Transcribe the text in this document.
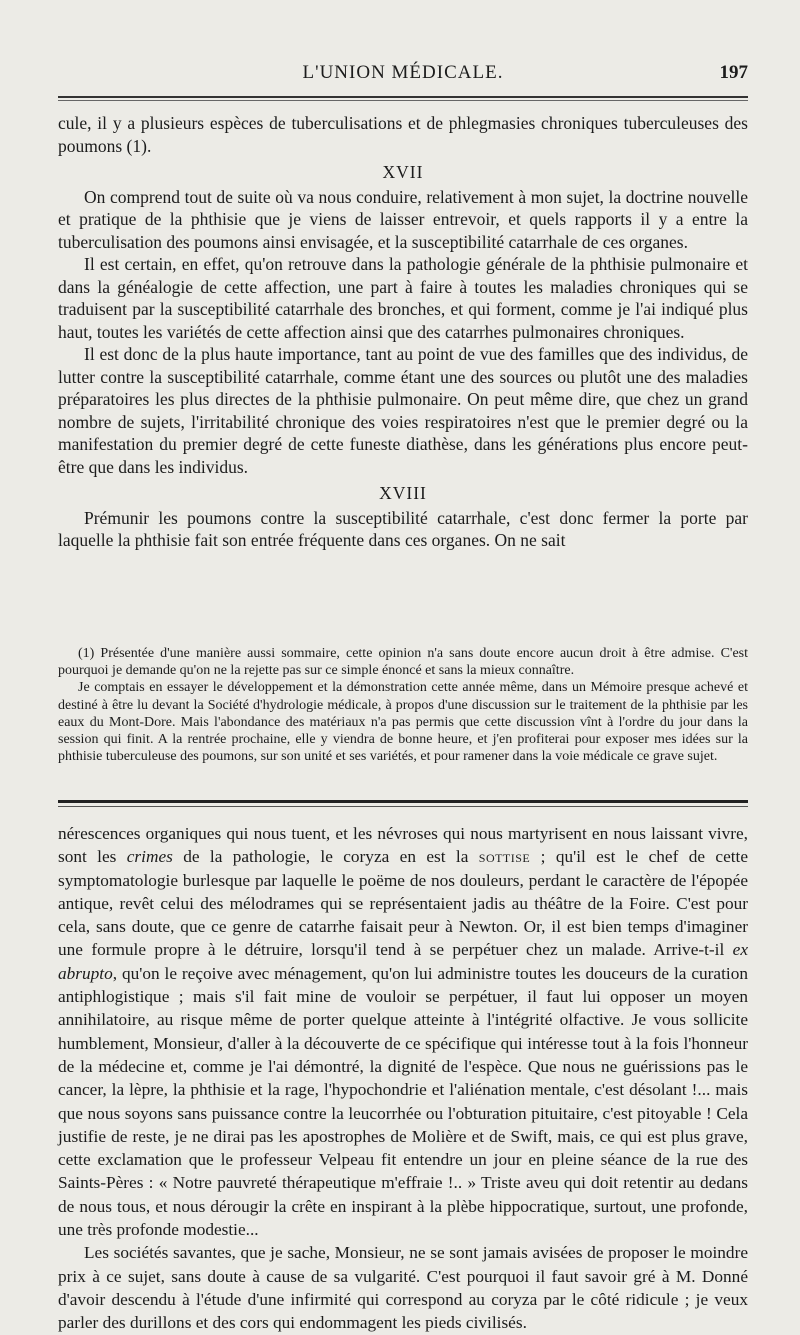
L'UNION MÉDICALE.	197

cule, il y a plusieurs espèces de tuberculisations et de phlegmasies chroniques tuberculeuses des poumons (1).

XVII

On comprend tout de suite où va nous conduire, relativement à mon sujet, la doctrine nouvelle et pratique de la phthisie que je viens de laisser entrevoir, et quels rapports il y a entre la tuberculisation des poumons ainsi envisagée, et la susceptibilité catarrhale de ces organes.

Il est certain, en effet, qu'on retrouve dans la pathologie générale de la phthisie pulmonaire et dans la généalogie de cette affection, une part à faire à toutes les maladies chroniques qui se traduisent par la susceptibilité catarrhale des bronches, et qui forment, comme je l'ai indiqué plus haut, toutes les variétés de cette affection ainsi que des catarrhes pulmonaires chroniques.

Il est donc de la plus haute importance, tant au point de vue des familles que des individus, de lutter contre la susceptibilité catarrhale, comme étant une des sources ou plutôt une des maladies préparatoires les plus directes de la phthisie pulmonaire. On peut même dire, que chez un grand nombre de sujets, l'irritabilité chronique des voies respiratoires n'est que le premier degré ou la manifestation du premier degré de cette funeste diathèse, dans les générations plus encore peut-être que dans les individus.

XVIII

Prémunir les poumons contre la susceptibilité catarrhale, c'est donc fermer la porte par laquelle la phthisie fait son entrée fréquente dans ces organes. On ne sait

(1) Présentée d'une manière aussi sommaire, cette opinion n'a sans doute encore aucun droit à être admise. C'est pourquoi je demande qu'on ne la rejette pas sur ce simple énoncé et sans la mieux connaître.

Je comptais en essayer le développement et la démonstration cette année même, dans un Mémoire presque achevé et destiné à être lu devant la Société d'hydrologie médicale, à propos d'une discussion sur le traitement de la phthisie par les eaux du Mont-Dore. Mais l'abondance des matériaux n'a pas permis que cette discussion vînt à l'ordre du jour dans la session qui finit. A la rentrée prochaine, elle y viendra de bonne heure, et j'en profiterai pour exposer mes idées sur la phthisie tuberculeuse des poumons, sur son unité et ses variétés, et pour ramener dans la voie médicale ce grave sujet.

nérescences organiques qui nous tuent, et les névroses qui nous martyrisent en nous laissant vivre, sont les crimes de la pathologie, le coryza en est la sottise ; qu'il est le chef de cette symptomatologie burlesque par laquelle le poëme de nos douleurs, perdant le caractère de l'épopée antique, revêt celui des mélodrames qui se représentaient jadis au théâtre de la Foire. C'est pour cela, sans doute, que ce genre de catarrhe faisait peur à Newton. Or, il est bien temps d'imaginer une formule propre à le détruire, lorsqu'il tend à se perpétuer chez un malade. Arrive-t-il ex abrupto, qu'on le reçoive avec ménagement, qu'on lui administre toutes les douceurs de la curation antiphlogistique ; mais s'il fait mine de vouloir se perpétuer, il faut lui opposer un moyen annihilatoire, au risque même de porter quelque atteinte à l'intégrité olfactive. Je vous sollicite humblement, Monsieur, d'aller à la découverte de ce spécifique qui intéresse tout à la fois l'honneur de la médecine et, comme je l'ai démontré, la dignité de l'espèce. Que nous ne guérissions pas le cancer, la lèpre, la phthisie et la rage, l'hypochondrie et l'aliénation mentale, c'est désolant !... mais que nous soyons sans puissance contre la leucorrhée ou l'obturation pituitaire, c'est pitoyable ! Cela justifie de reste, je ne dirai pas les apostrophes de Molière et de Swift, mais, ce qui est plus grave, cette exclamation que le professeur Velpeau fit entendre un jour en pleine séance de la rue des Saints-Pères : « Notre pauvreté thérapeutique m'effraie !.. » Triste aveu qui doit retentir au dedans de nous tous, et nous dérougir la crête en inspirant à la plèbe hippocratique, surtout, une profonde, une très profonde modestie...

Les sociétés savantes, que je sache, Monsieur, ne se sont jamais avisées de proposer le moindre prix à ce sujet, sans doute à cause de sa vulgarité. C'est pourquoi il faut savoir gré à M. Donné d'avoir descendu à l'étude d'une infirmité qui correspond au coryza par le côté ridicule ; je veux parler des durillons et des cors qui endommagent les pieds civilisés.
